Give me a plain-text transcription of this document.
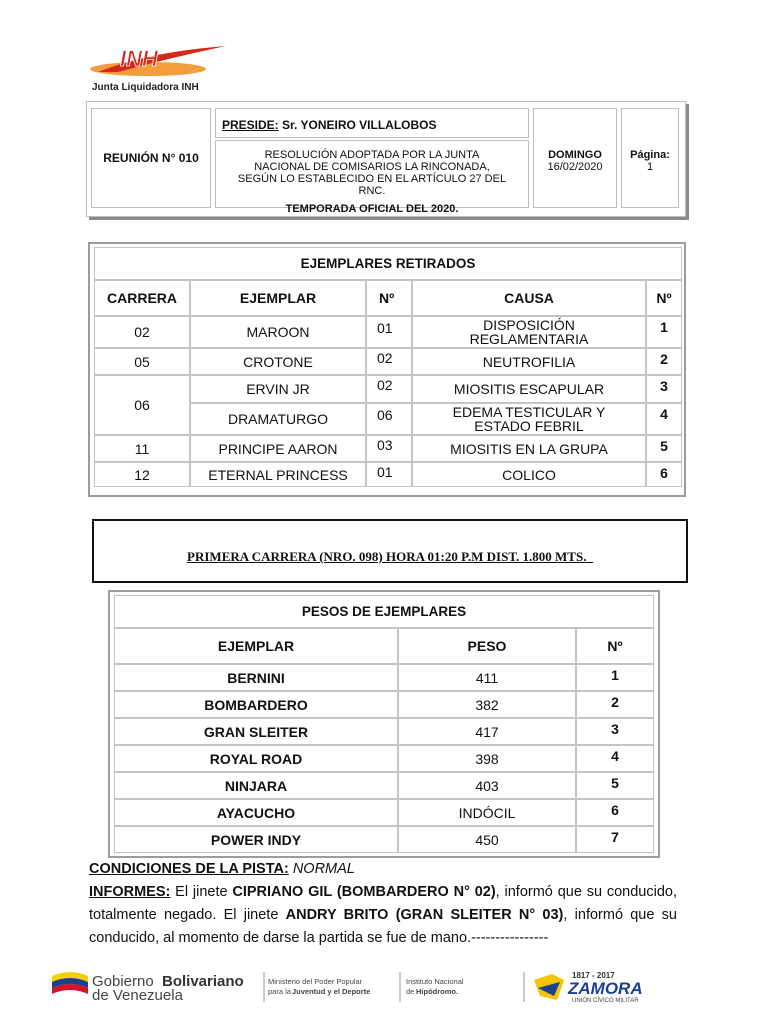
INH
Junta Liquidadora INH
REUNIÓN N° 010
PRESIDE: Sr. YONEIRO VILLALOBOS
RESOLUCIÓN ADOPTADA POR LA JUNTA NACIONAL DE COMISARIOS LA RINCONADA, SEGÚN LO ESTABLECIDO EN EL ARTÍCULO 27 DEL RNC.
TEMPORADA OFICIAL DEL 2020.
DOMINGO
16/02/2020
Página:
1
EJEMPLARES RETIRADOS				
CARRERA	EJEMPLAR	Nº	CAUSA	Nº
02	MAROON	01	DISPOSICIÓN REGLAMENTARIA	1

05	CROTONE	02	NEUTROFILIA	2

06	ERVIN JR	02	MIOSITIS ESCAPULAR	3

	DRAMATURGO	06	EDEMA TESTICULAR Y ESTADO FEBRIL	4

11	PRINCIPE AARON	03	MIOSITIS EN LA GRUPA	5

12	ETERNAL PRINCESS	01	COLICO	6
PRIMERA CARRERA (NRO. 098) HORA 01:20 P.M DIST. 1.800 MTS._
PESOS DE EJEMPLARES		
EJEMPLAR	PESO	Nº
BERNINI	411	1

BOMBARDERO	382	2

GRAN SLEITER	417	3

ROYAL ROAD	398	4

NINJARA	403	5

AYACUCHO	INDÓCIL	6

POWER INDY	450	7
CONDICIONES DE LA PISTA: NORMAL
INFORMES: El jinete CIPRIANO GIL (BOMBARDERO N° 02), informó que su conducido, totalmente negado. El jinete ANDRY BRITO (GRAN SLEITER N° 03), informó que su conducido, al momento de darse la partida se fue de mano.----------------
Gobierno Bolivariano
de Venezuela
Ministerio del Poder Popular
para la Juventud y el Deporte
Instituto Nacional
de Hipódromo.
1817 - 2017
ZAMORA
UNIÓN CÍVICO MILITAR
